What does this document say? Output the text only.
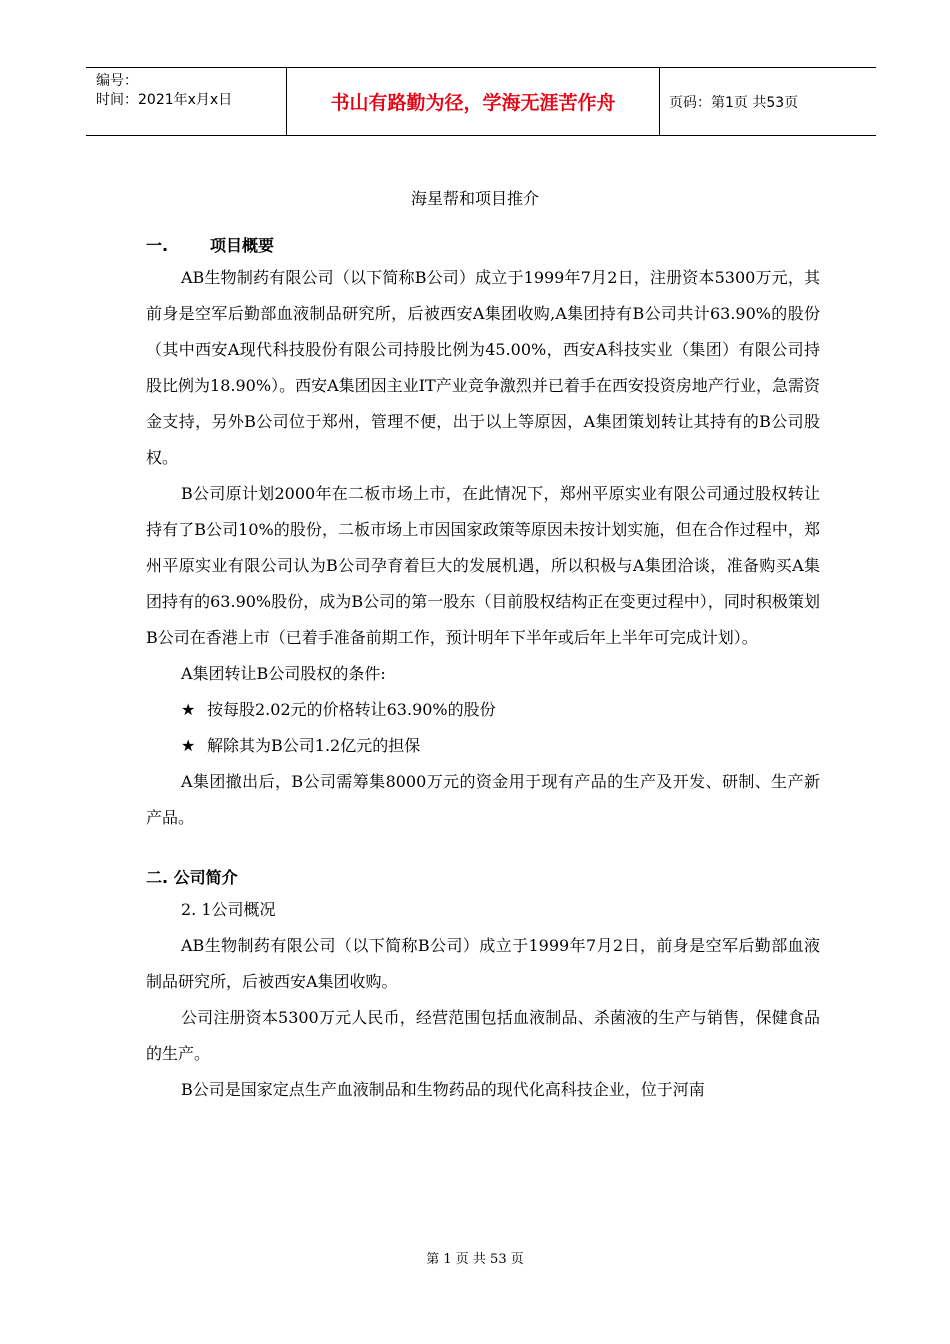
编号：
时间：2021年x月x日	书山有路勤为径，学海无涯苦作舟	页码：第1页 共53页
海星帮和项目推介
一.	项目概要
AB生物制药有限公司（以下简称B公司）成立于1999年7月2日，注册资本5300万元，其前身是空军后勤部血液制品研究所，后被西安A集团收购,A集团持有B公司共计63.90%的股份（其中西安A现代科技股份有限公司持股比例为45.00%，西安A科技实业（集团）有限公司持股比例为18.90%）。西安A集团因主业IT产业竞争激烈并已着手在西安投资房地产行业，急需资金支持，另外B公司位于郑州，管理不便，出于以上等原因，A集团策划转让其持有的B公司股权。
B公司原计划2000年在二板市场上市，在此情况下，郑州平原实业有限公司通过股权转让持有了B公司10%的股份，二板市场上市因国家政策等原因未按计划实施，但在合作过程中，郑州平原实业有限公司认为B公司孕育着巨大的发展机遇，所以积极与A集团洽谈，准备购买A集团持有的63.90%股份，成为B公司的第一股东（目前股权结构正在变更过程中），同时积极策划B公司在香港上市（已着手准备前期工作，预计明年下半年或后年上半年可完成计划）。
A集团转让B公司股权的条件:
★ 按每股2.02元的价格转让63.90%的股份
★ 解除其为B公司1.2亿元的担保
A集团撤出后，B公司需筹集8000万元的资金用于现有产品的生产及开发、研制、生产新产品。
二. 公司简介
2. 1公司概况
AB生物制药有限公司（以下简称B公司）成立于1999年7月2日，前身是空军后勤部血液制品研究所，后被西安A集团收购。
公司注册资本5300万元人民币，经营范围包括血液制品、杀菌液的生产与销售，保健食品的生产。
B公司是国家定点生产血液制品和生物药品的现代化高科技企业，位于河南
第 1 页 共 53 页
